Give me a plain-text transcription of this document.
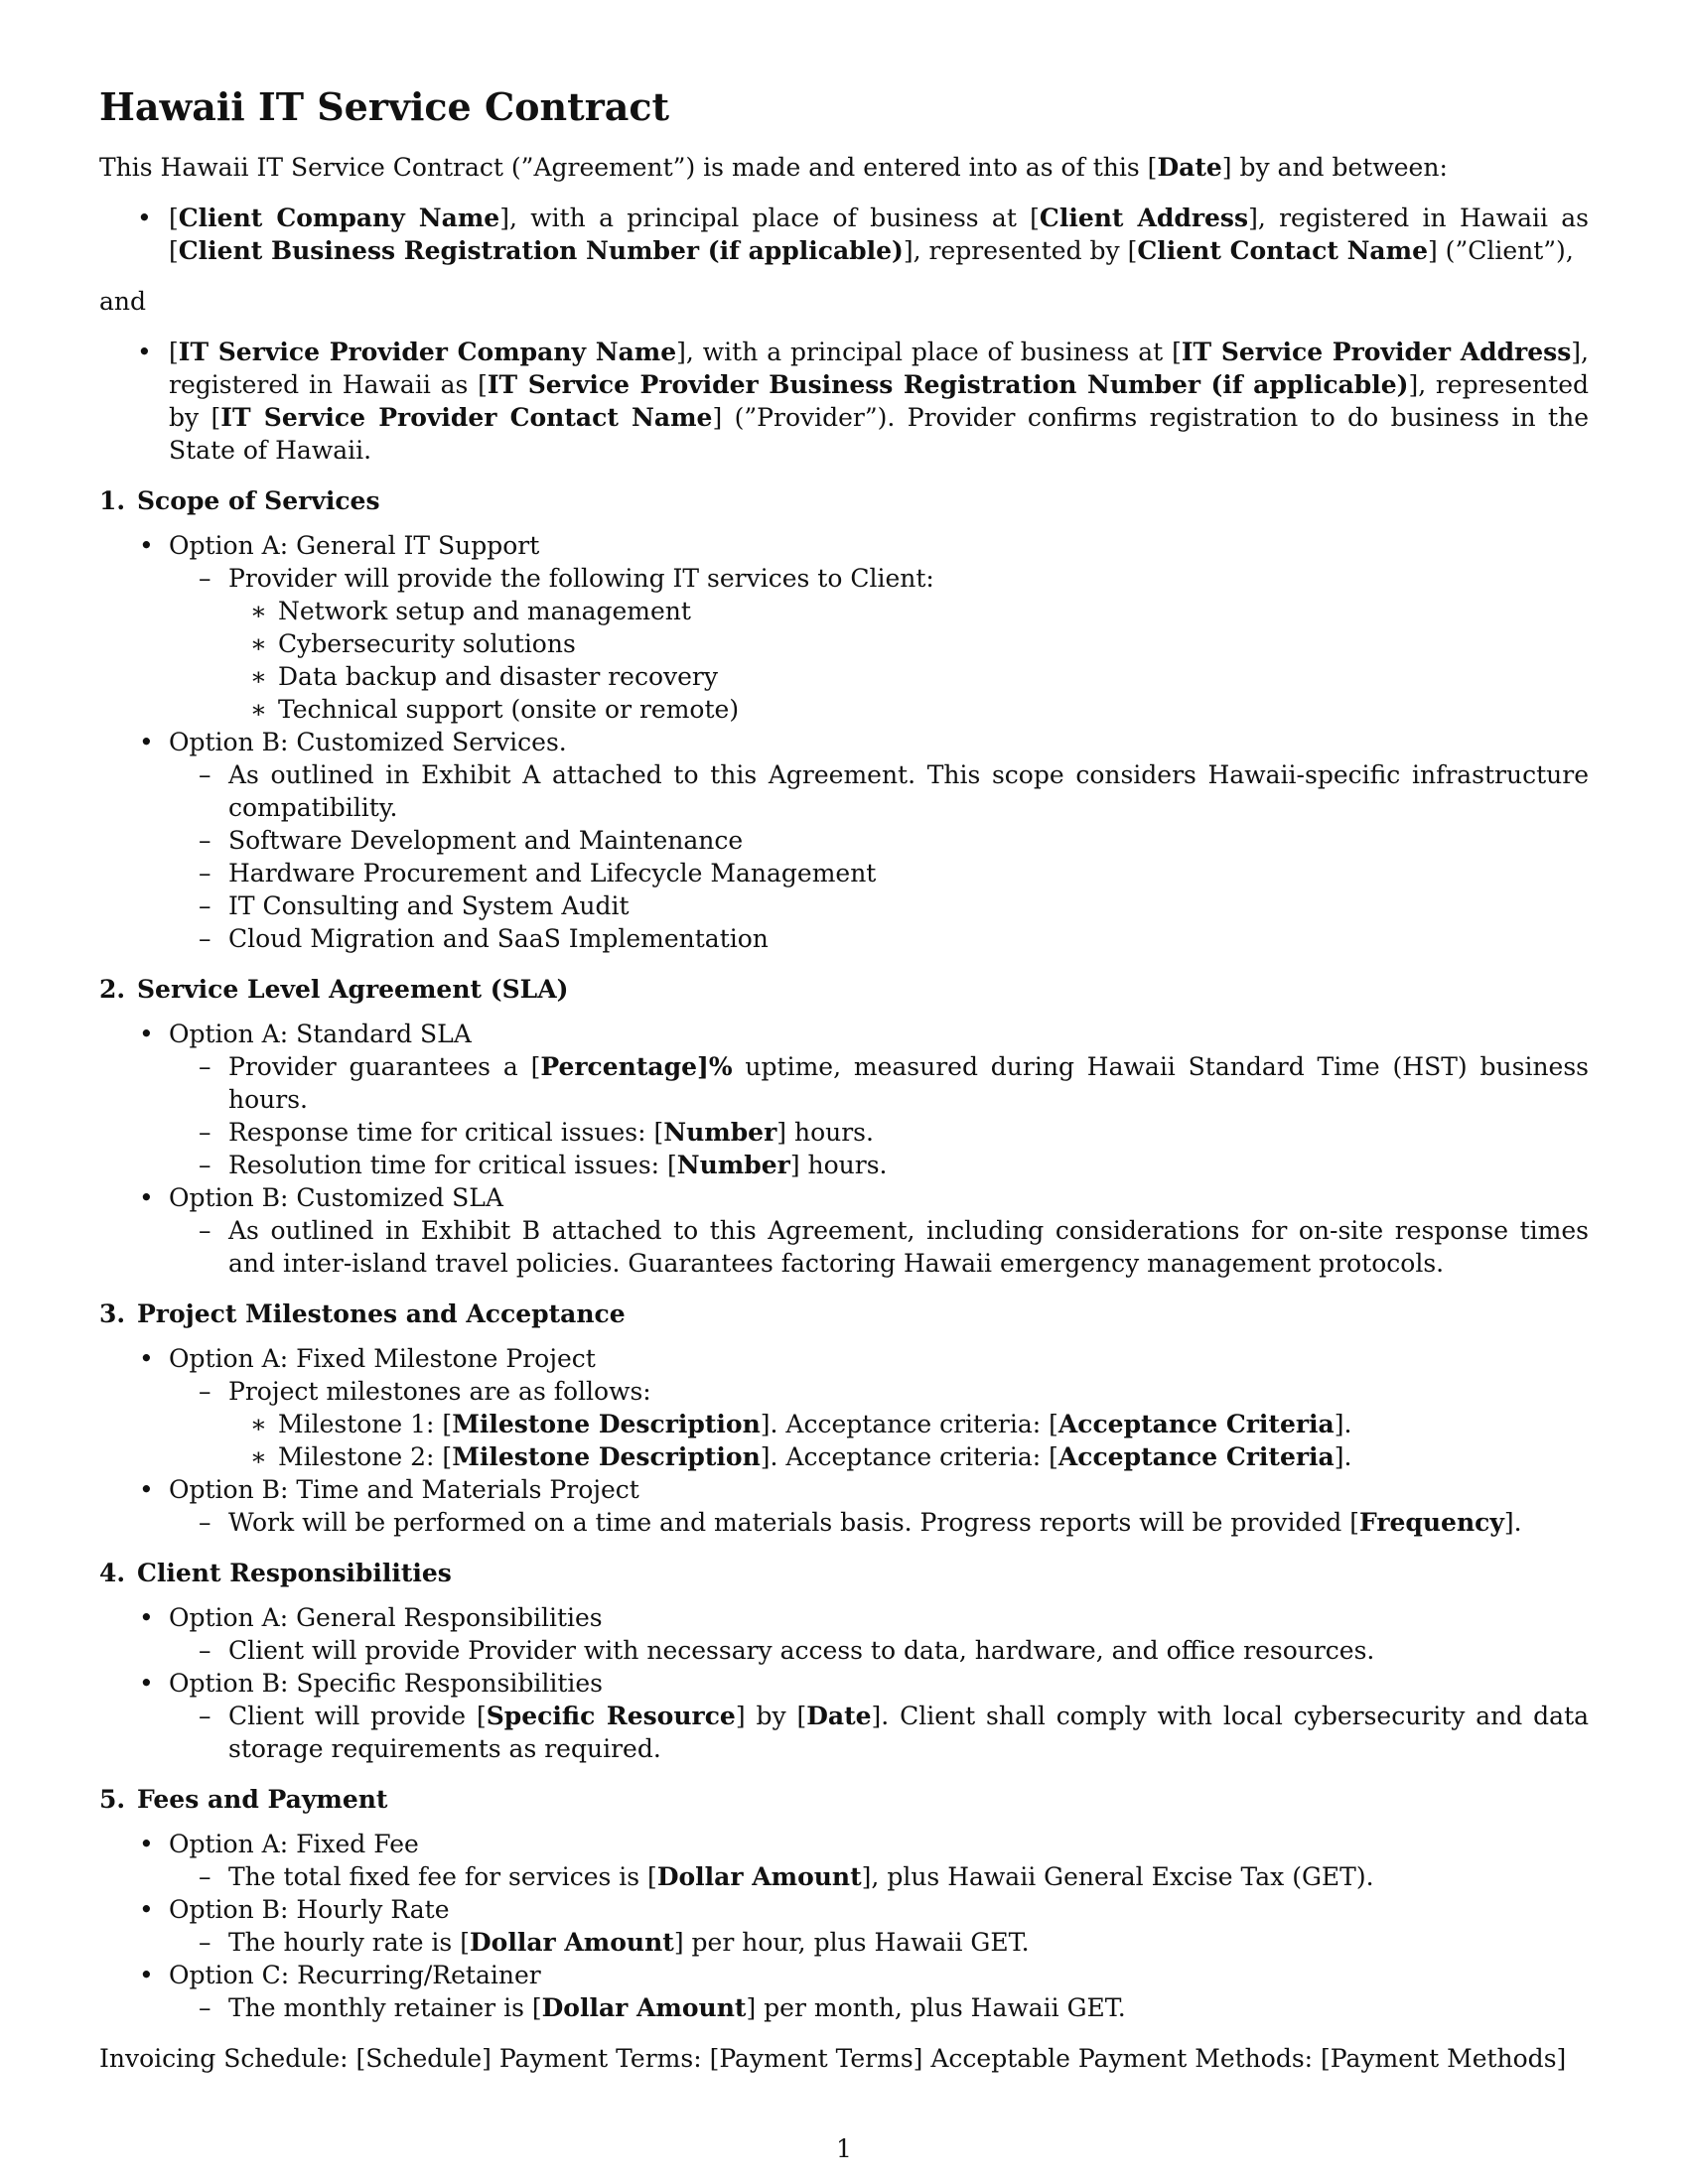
Hawaii IT Service Contract

This Hawaii IT Service Contract (”Agreement”) is made and entered into as of this [Date] by and between:

• [Client Company Name], with a principal place of business at [Client Address], registered in Hawaii as [Client Business Registration Number (if applicable)], represented by [Client Contact Name] (”Client”),

and

• [IT Service Provider Company Name], with a principal place of business at [IT Service Provider Address], registered in Hawaii as [IT Service Provider Business Registration Number (if applicable)], represented by [IT Service Provider Contact Name] (”Provider”). Provider confirms registration to do business in the State of Hawaii.
1. Scope of Services
• Option A: General IT Support
– Provider will provide the following IT services to Client:
∗ Network setup and management
∗ Cybersecurity solutions
∗ Data backup and disaster recovery
∗ Technical support (onsite or remote)
• Option B: Customized Services.
– As outlined in Exhibit A attached to this Agreement. This scope considers Hawaii-specific infrastructure compatibility.
– Software Development and Maintenance
– Hardware Procurement and Lifecycle Management
– IT Consulting and System Audit
– Cloud Migration and SaaS Implementation
2. Service Level Agreement (SLA)
• Option A: Standard SLA
– Provider guarantees a [Percentage]% uptime, measured during Hawaii Standard Time (HST) business hours.
– Response time for critical issues: [Number] hours.
– Resolution time for critical issues: [Number] hours.
• Option B: Customized SLA
– As outlined in Exhibit B attached to this Agreement, including considerations for on-site response times and inter-island travel policies. Guarantees factoring Hawaii emergency management protocols.
3. Project Milestones and Acceptance
• Option A: Fixed Milestone Project
– Project milestones are as follows:
∗ Milestone 1: [Milestone Description]. Acceptance criteria: [Acceptance Criteria].
∗ Milestone 2: [Milestone Description]. Acceptance criteria: [Acceptance Criteria].
• Option B: Time and Materials Project
– Work will be performed on a time and materials basis. Progress reports will be provided [Frequency].
4. Client Responsibilities
• Option A: General Responsibilities
– Client will provide Provider with necessary access to data, hardware, and office resources.
• Option B: Specific Responsibilities
– Client will provide [Specific Resource] by [Date]. Client shall comply with local cybersecurity and data storage requirements as required.
5. Fees and Payment
• Option A: Fixed Fee
– The total fixed fee for services is [Dollar Amount], plus Hawaii General Excise Tax (GET).
• Option B: Hourly Rate
– The hourly rate is [Dollar Amount] per hour, plus Hawaii GET.
• Option C: Recurring/Retainer
– The monthly retainer is [Dollar Amount] per month, plus Hawaii GET.

Invoicing Schedule: [Schedule] Payment Terms: [Payment Terms] Acceptable Payment Methods: [Payment Methods]

1
